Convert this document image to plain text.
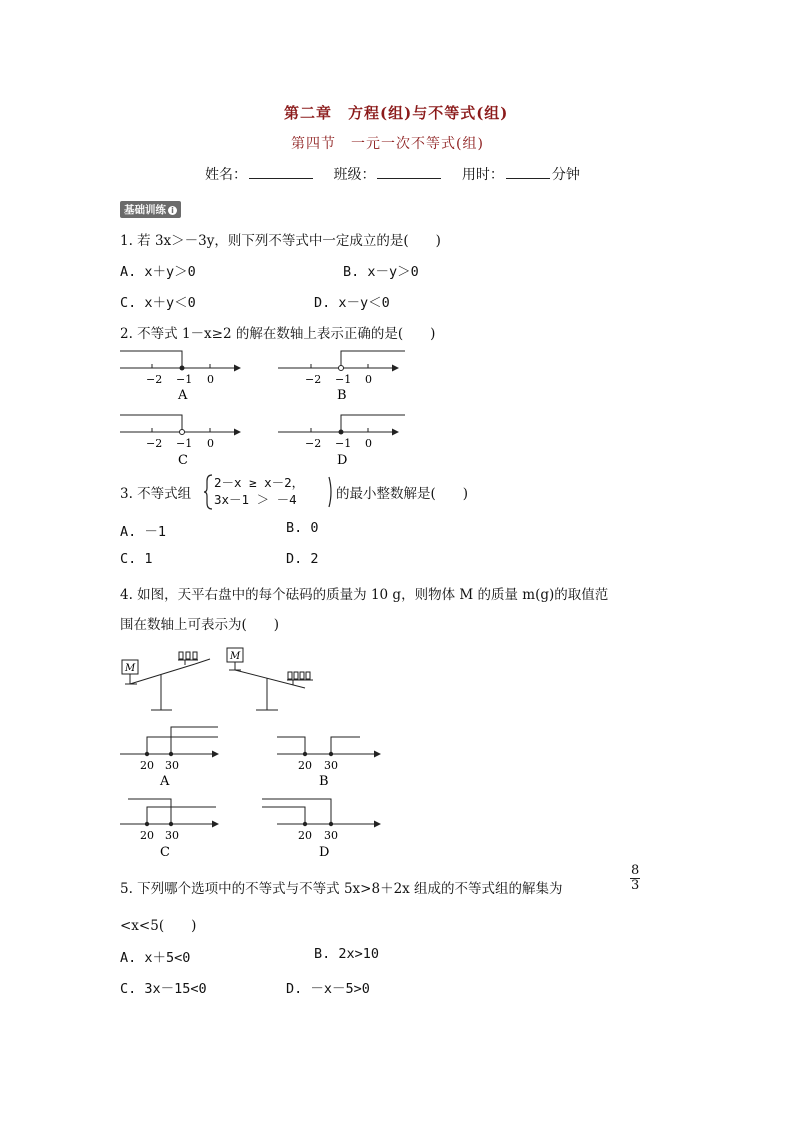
第二章　方程(组)与不等式(组)
第四节　一元一次不等式(组)
姓名：	班级：	用时：	分钟
基础训练 i
1. 若 3x＞－3y，则下列不等式中一定成立的是(　　)
A. x＋y＞0	B. x－y＞0
C. x＋y＜0	D. x－y＜0
2. 不等式 1－x≥2 的解在数轴上表示正确的是(　　)
−2 −1 0
A
−2 −1 0
B
−2 −1 0
C
−2 −1 0
D
3. 不等式组
2－x ≥ x－2，
3x－1 ＞ －4	的最小整数解是(　　)
A. －1	B. 0
C. 1	D. 2
4. 如图，天平右盘中的每个砝码的质量为 10 g，则物体 M 的质量 m(g)的取值范
围在数轴上可表示为(　　)
M
M
20 30
A
20 30
B
20 30
C
20 30
D
5. 下列哪个选项中的不等式与不等式 5x>8＋2x 组成的不等式组的解集为	$\frac{8}{3}$
<x<5(　　)
A. x＋5<0	B. 2x>10
C. 3x－15<0	D. －x－5>0
